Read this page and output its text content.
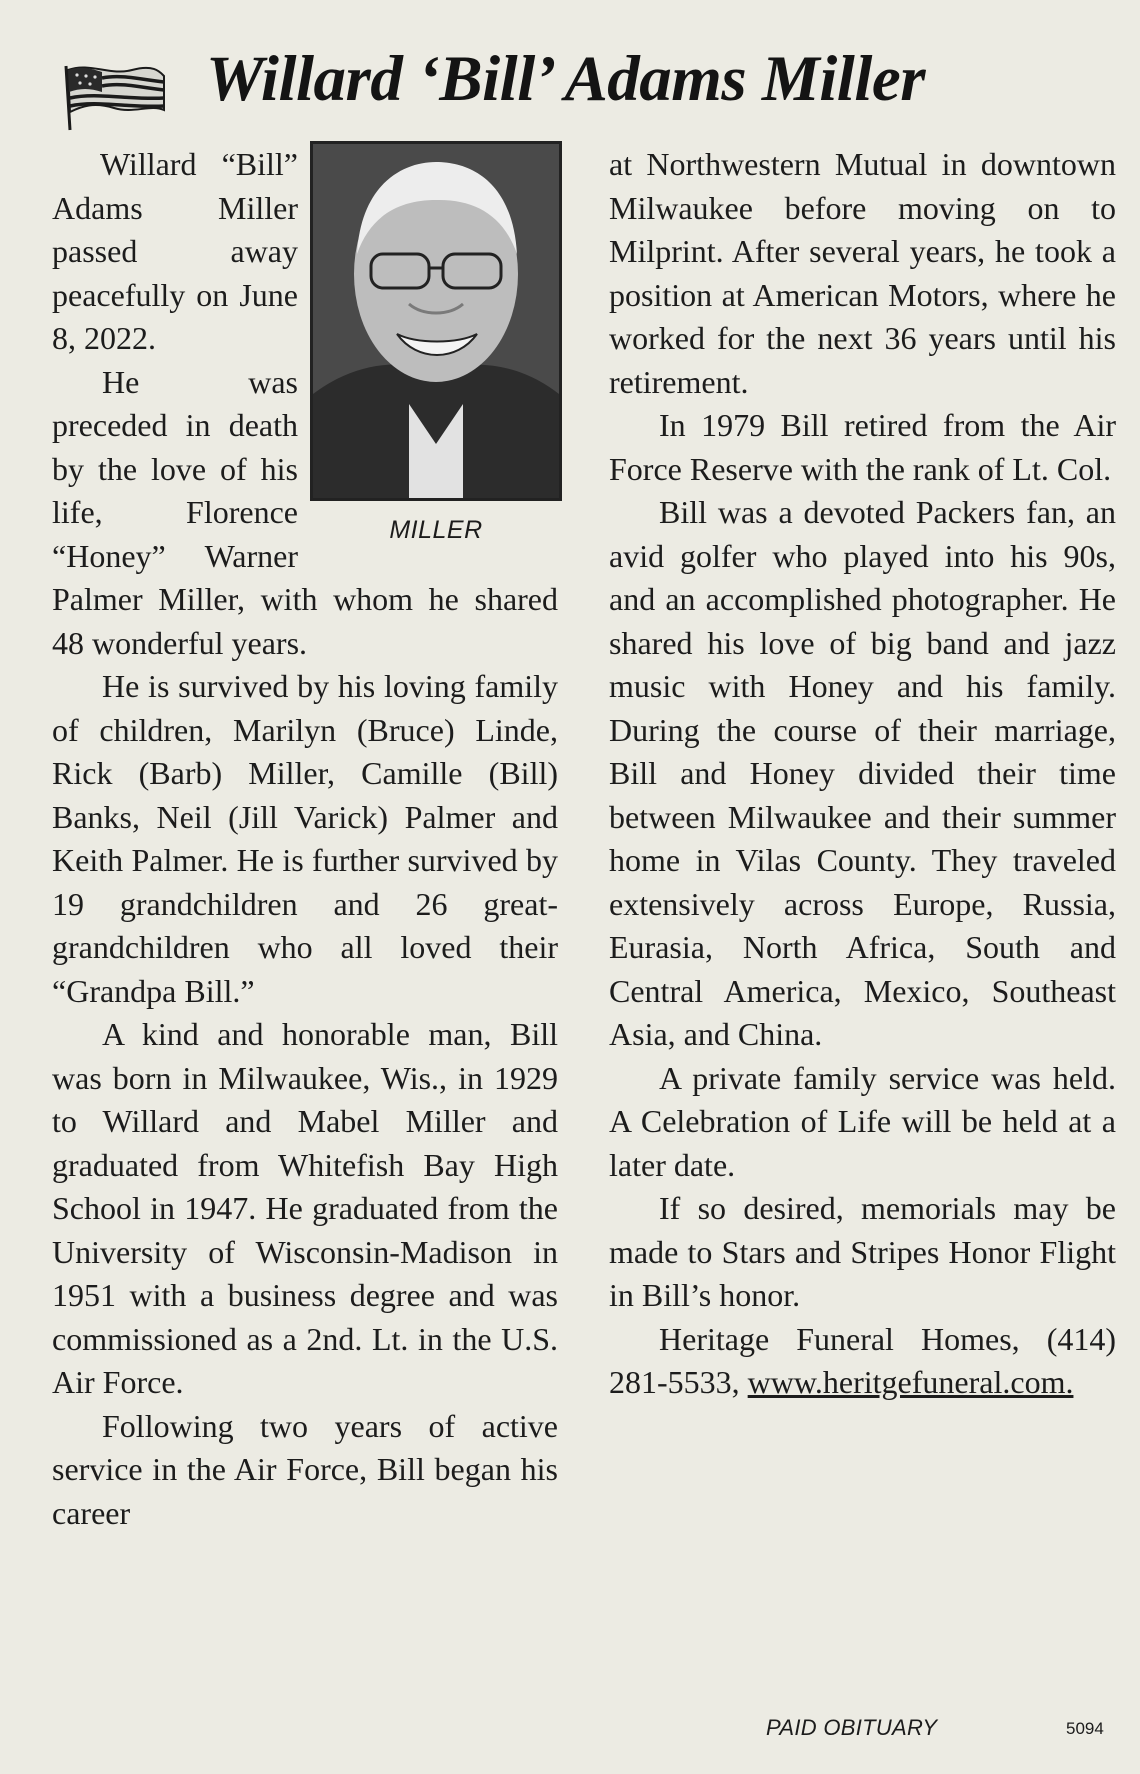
Willard ‘Bill’ Adams Miller
MILLER

Willard “Bill” Adams Miller passed away peacefully on June 8, 2022.

He was preceded in death by the love of his life, Florence “Honey” Warner Palmer Miller, with whom he shared 48 wonderful years.

He is survived by his loving family of children, Marilyn (Bruce) Linde, Rick (Barb) Miller, Camille (Bill) Banks, Neil (Jill Varick) Palmer and Keith Palmer. He is further survived by 19 grandchildren and 26 great-grandchildren who all loved their “Grandpa Bill.”

A kind and honorable man, Bill was born in Milwaukee, Wis., in 1929 to Willard and Mabel Miller and graduated from Whitefish Bay High School in 1947. He graduated from the University of Wisconsin-Madison in 1951 with a business degree and was commissioned as a 2nd. Lt. in the U.S. Air Force.

Following two years of active service in the Air Force, Bill began his career

at Northwestern Mutual in downtown Milwaukee before moving on to Milprint. After several years, he took a position at American Motors, where he worked for the next 36 years until his retirement.

In 1979 Bill retired from the Air Force Reserve with the rank of Lt. Col.

Bill was a devoted Packers fan, an avid golfer who played into his 90s, and an accomplished photographer. He shared his love of big band and jazz music with Honey and his family. During the course of their marriage, Bill and Honey divided their time between Milwaukee and their summer home in Vilas County. They traveled extensively across Europe, Russia, Eurasia, North Africa, South and Central America, Mexico, Southeast Asia, and China.

A private family service was held. A Celebration of Life will be held at a later date.

If so desired, memorials may be made to Stars and Stripes Honor Flight in Bill’s honor.

Heritage Funeral Homes, (414) 281-5533, www.heritgefuneral.com.

PAID OBITUARY	5094
